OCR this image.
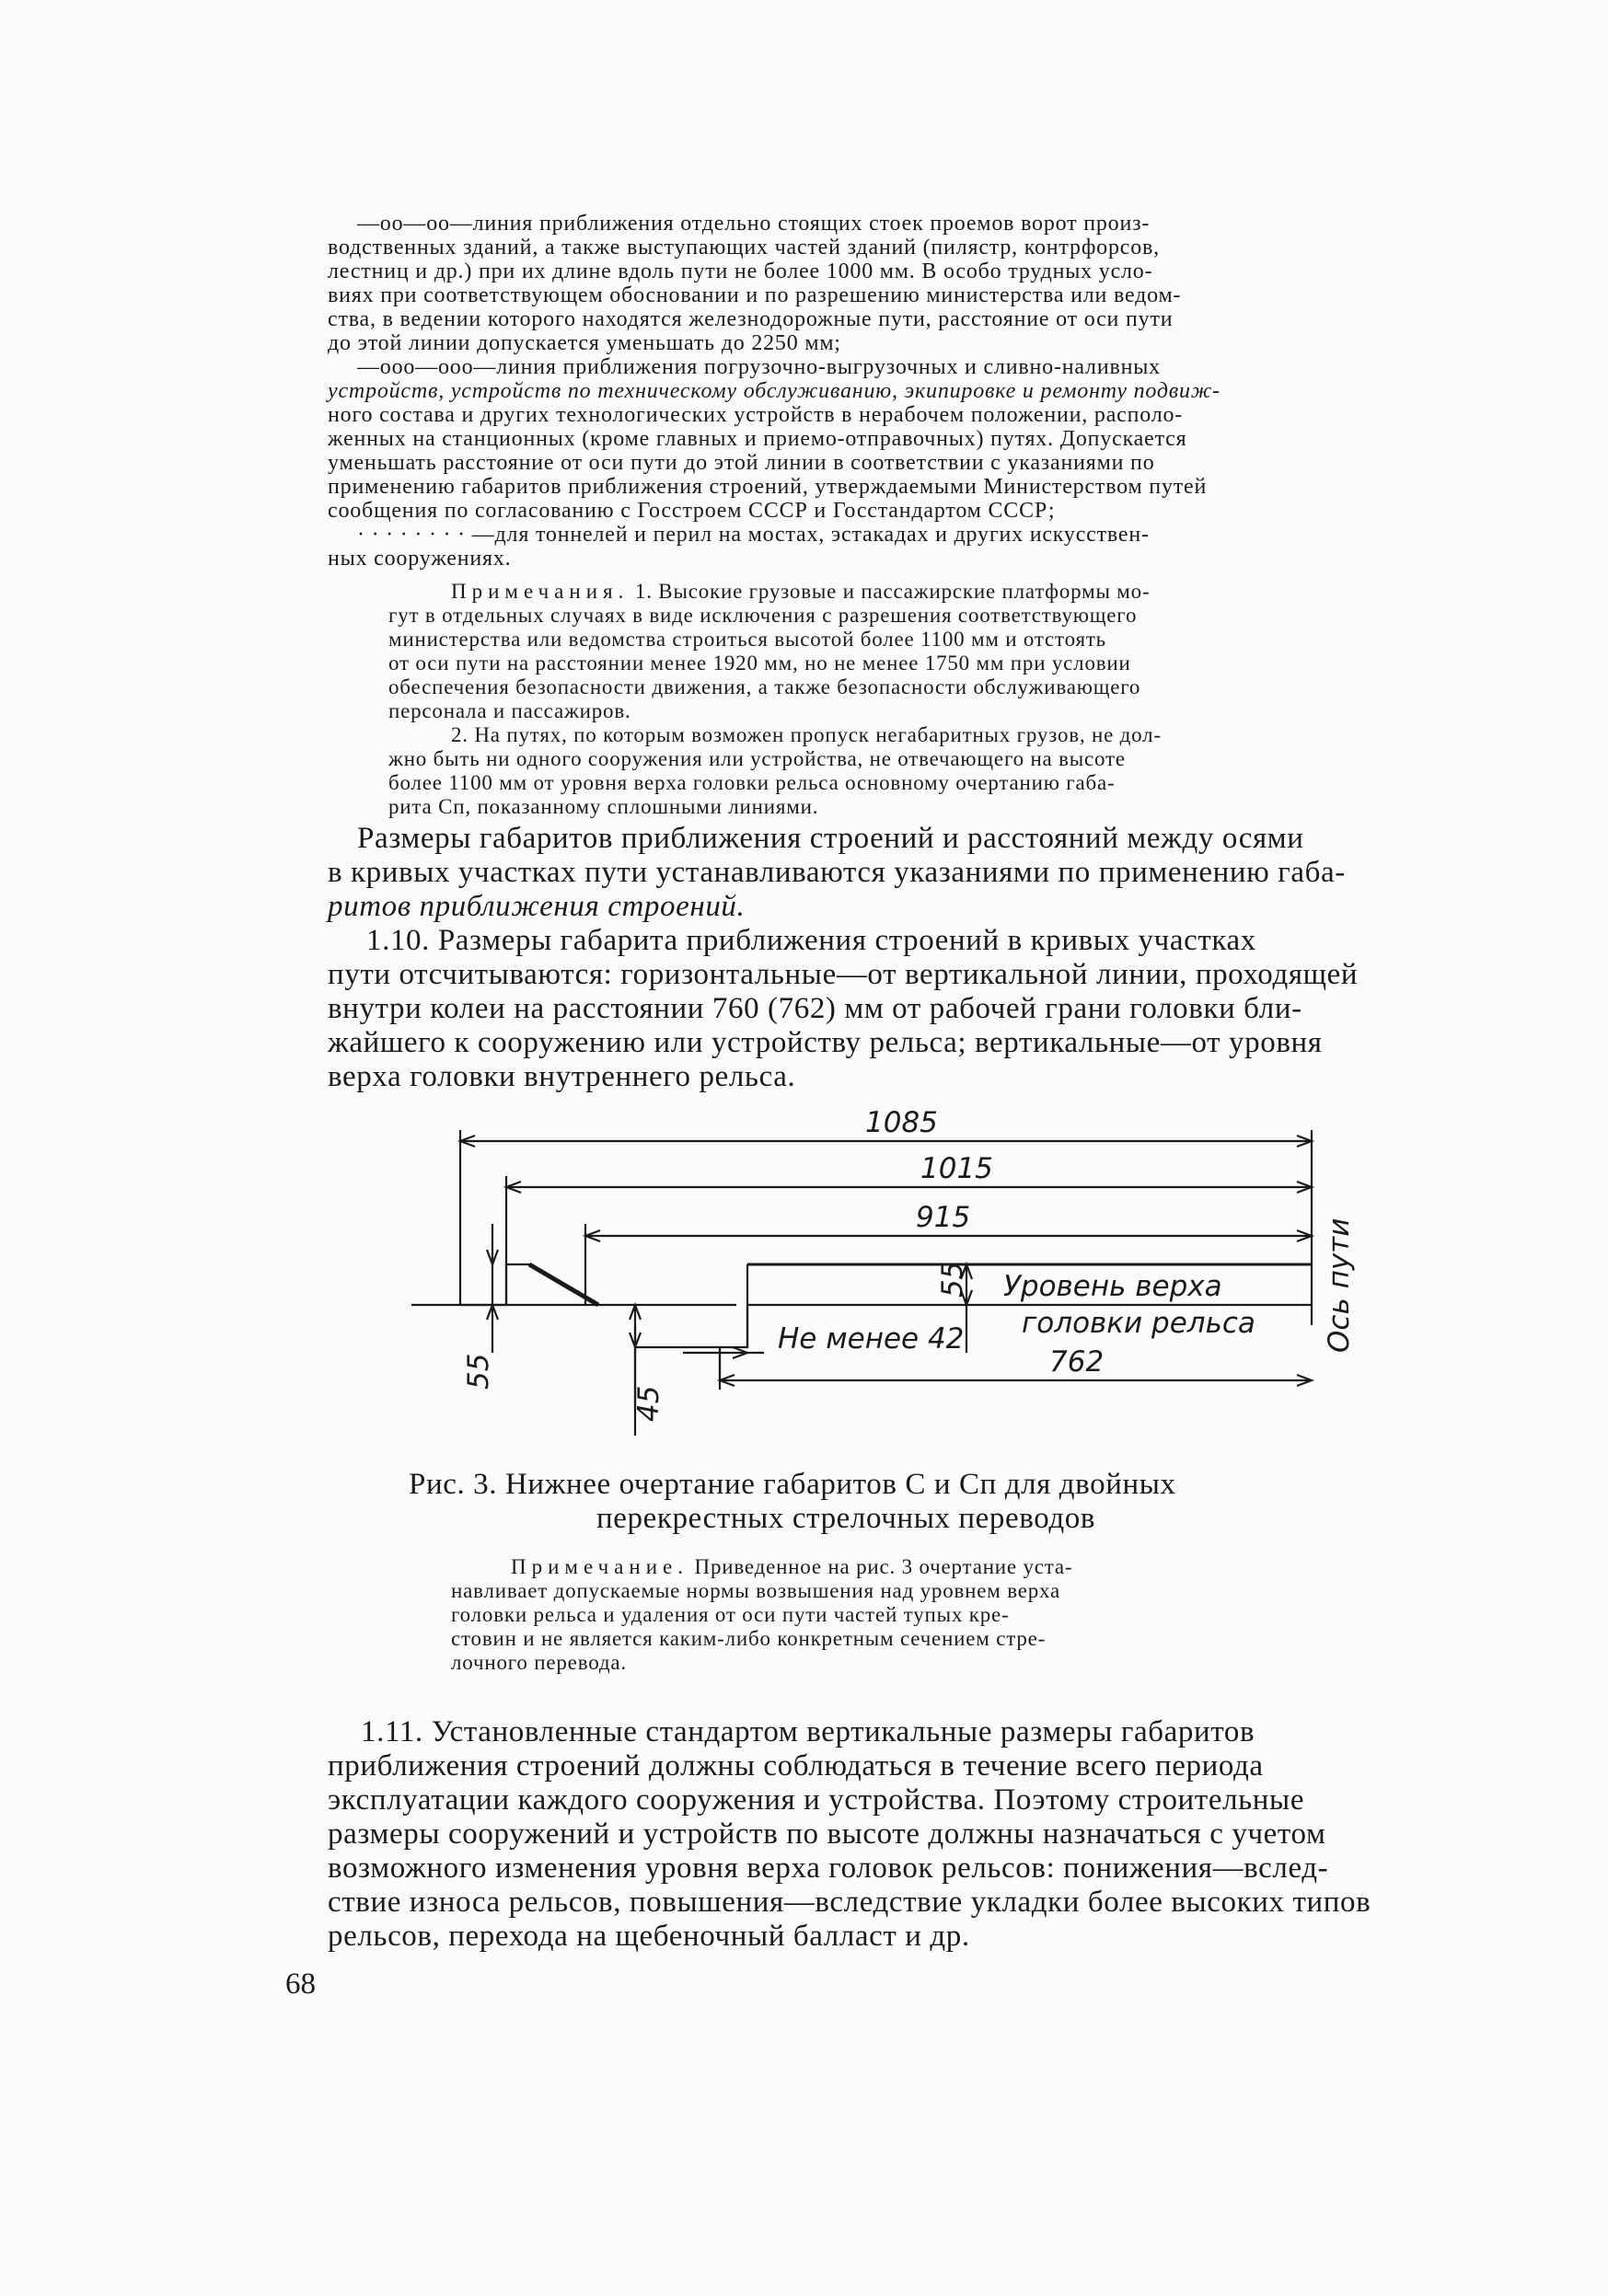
—oo—oo—линия приближения отдельно стоящих стоек проемов ворот произ-

водственных зданий, а также выступающих частей зданий (пилястр, контрфорсов,

лестниц и др.) при их длине вдоль пути не более 1000 мм. В особо трудных усло-

виях при соответствующем обосновании и по разрешению министерства или ведом-

ства, в ведении которого находятся железнодорожные пути, расстояние от оси пути

до этой линии допускается уменьшать до 2250 мм;

—ooo—ooo—линия приближения погрузочно-выгрузочных и сливно-наливных

устройств, устройств по техническому обслуживанию, экипировке и ремонту подвиж-

ного состава и других технологических устройств в нерабочем положении, располо-

женных на станционных (кроме главных и приемо-отправочных) путях. Допускается

уменьшать расстояние от оси пути до этой линии в соответствии с указаниями по

применению габаритов приближения строений, утверждаемыми Министерством путей

сообщения по согласованию с Госстроем СССР и Госстандартом СССР;

· · · · · · · · —для тоннелей и перил на мостах, эстакадах и других искусствен-

ных сооружениях.

Примечания. 1. Высокие грузовые и пассажирские платформы мо-

гут в отдельных случаях в виде исключения с разрешения соответствующего

министерства или ведомства строиться высотой более 1100 мм и отстоять

от оси пути на расстоянии менее 1920 мм, но не менее 1750 мм при условии

обеспечения безопасности движения, а также безопасности обслуживающего

персонала и пассажиров.

2. На путях, по которым возможен пропуск негабаритных грузов, не дол-

жно быть ни одного сооружения или устройства, не отвечающего на высоте

более 1100 мм от уровня верха головки рельса основному очертанию габа-

рита Сп, показанному сплошными линиями.

Размеры габаритов приближения строений и расстояний между осями

в кривых участках пути устанавливаются указаниями по применению габа-

ритов приближения строений.

1.10. Размеры габарита приближения строений в кривых участках

пути отсчитываются: горизонтальные—от вертикальной линии, проходящей

внутри колеи на расстоянии 760 (762) мм от рабочей грани головки бли-

жайшего к сооружению или устройству рельса; вертикальные—от уровня

верха головки внутреннего рельса.

1085
1015
915
55 Уровень верха
головки рельса Ось пути
Не менее 42
762
55
45

Рис. 3. Нижнее очертание габаритов С и Сп для двойных

перекрестных стрелочных переводов

Примечание. Приведенное на рис. 3 очертание уста-

навливает допускаемые нормы возвышения над уровнем верха

головки рельса и удаления от оси пути частей тупых кре-

стовин и не является каким-либо конкретным сечением стре-

лочного перевода.

1.11. Установленные стандартом вертикальные размеры габаритов

приближения строений должны соблюдаться в течение всего периода

эксплуатации каждого сооружения и устройства. Поэтому строительные

размеры сооружений и устройств по высоте должны назначаться с учетом

возможного изменения уровня верха головок рельсов: понижения—вслед-

ствие износа рельсов, повышения—вследствие укладки более высоких типов

рельсов, перехода на щебеночный балласт и др.

68
